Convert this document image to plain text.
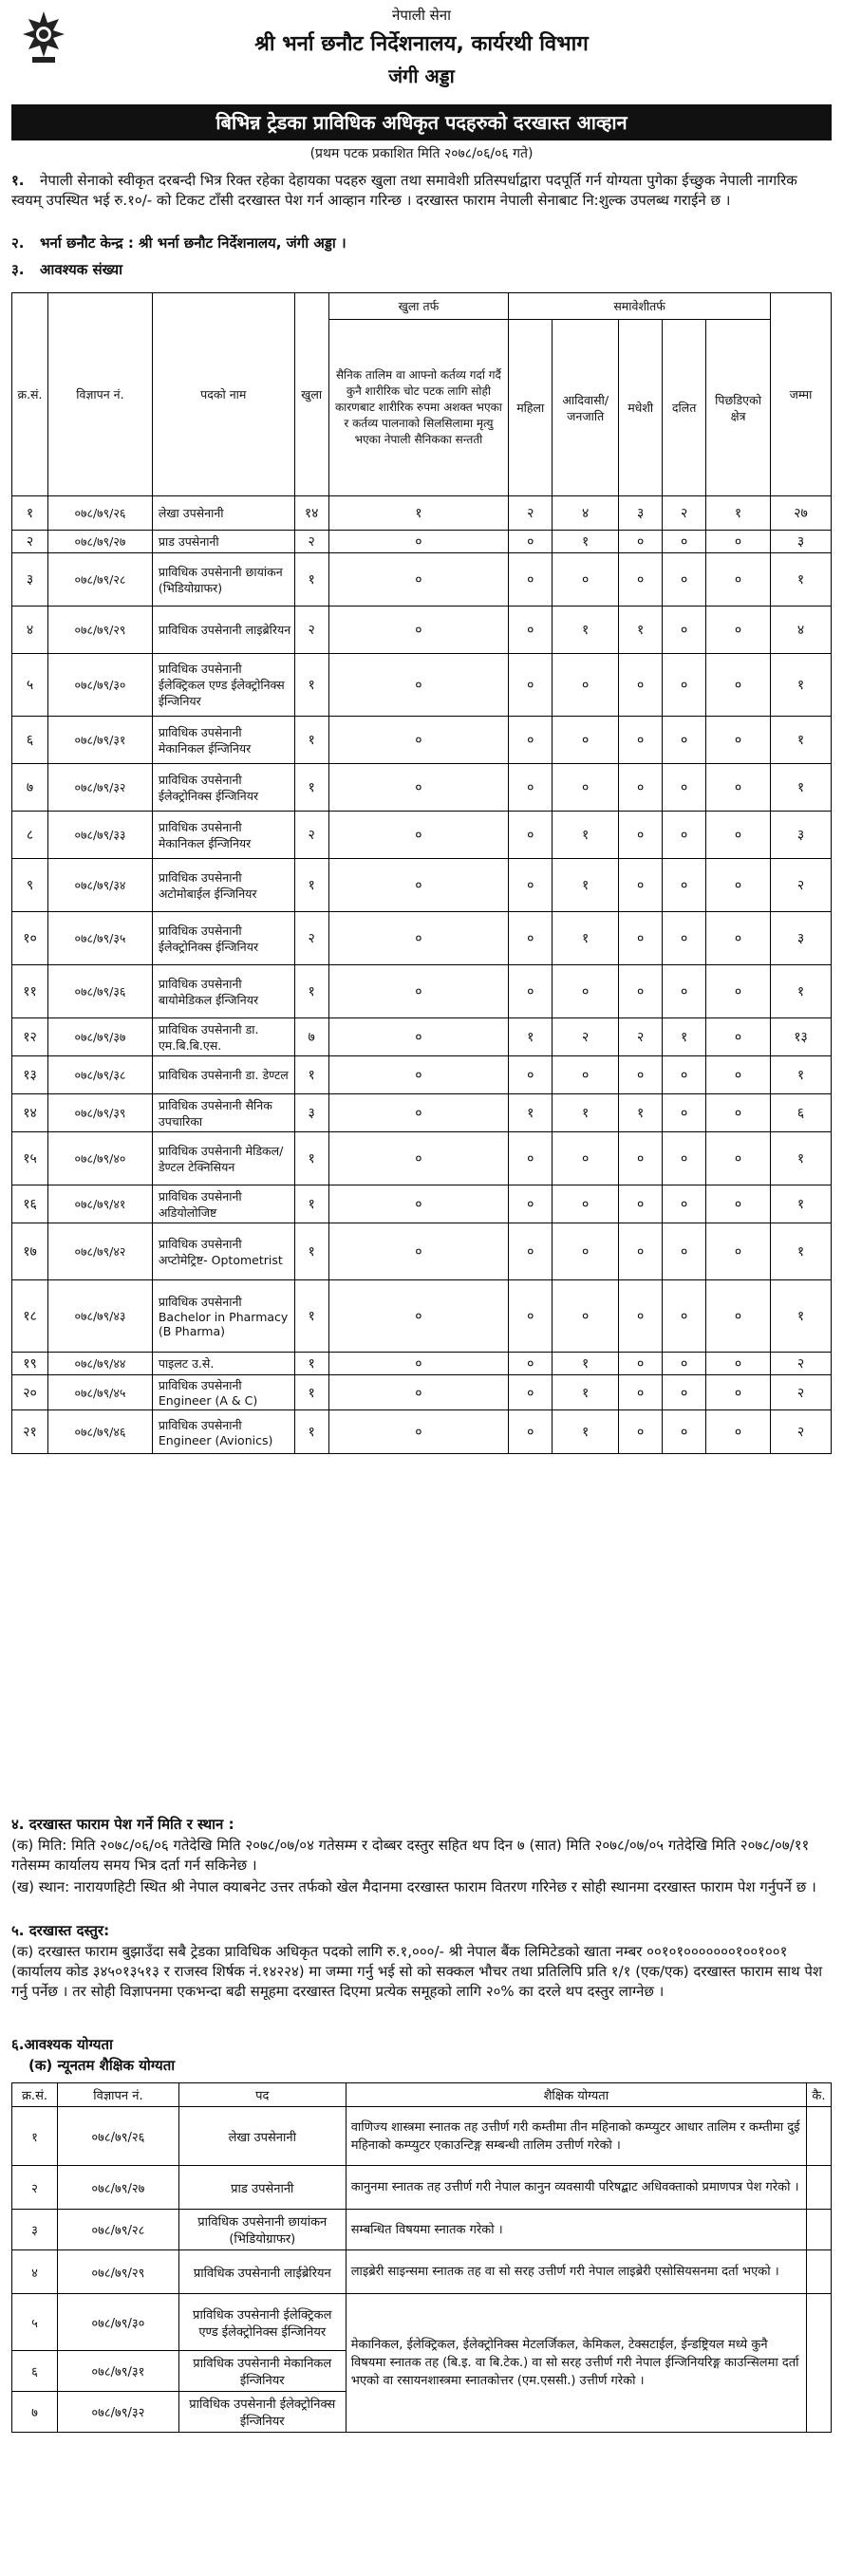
नेपाली सेना
श्री भर्ना छनौट निर्देशनालय, कार्यरथी विभाग
जंगी अड्डा
बिभिन्न ट्रेडका प्राविधिक अधिकृत पदहरुको दरखास्त आव्हान
(प्रथम पटक प्रकाशित मिति २०७८/०६/०६ गते)
१. नेपाली सेनाको स्वीकृत दरबन्दी भित्र रिक्त रहेका देहायका पदहरु खुला तथा समावेशी प्रतिस्पर्धाद्वारा पदपूर्ति गर्न योग्यता पुगेका ईच्छुक नेपाली नागरिक स्वयम् उपस्थित भई रु.१०/- को टिकट टाँसी दरखास्त पेश गर्न आव्हान गरिन्छ । दरखास्त फाराम नेपाली सेनाबाट नि:शुल्क उपलब्ध गराईने छ ।
२. भर्ना छनौट केन्द्र : श्री भर्ना छनौट निर्देशनालय, जंगी अड्डा ।
३. आवश्यक संख्या
क्र.सं.	विज्ञापन नं.	पदको नाम	खुला	खुला तर्फ	समावेशीतर्फ					जम्मा
				सैनिक तालिम वा आफ्नो कर्तव्य गर्दा गर्दै कुनै शारीरिक चोट पटक लागि सोही कारणबाट शारीरिक रुपमा अशक्त भएका र कर्तव्य पालनाको सिलसिलामा मृत्यु भएका नेपाली सैनिकका सन्तती	महिला	आदिवासी/ जनजाति	मधेशी	दलित	पिछडिएको क्षेत्र	
१	०७८/७९/२६	लेखा उपसेनानी	१४	१	२	४	३	२	१	२७
२	०७८/७९/२७	प्राड उपसेनानी	२	०	०	१	०	०	०	३
३	०७८/७९/२८	प्राविधिक उपसेनानी छायांकन (भिडियोग्राफर)	१	०	०	०	०	०	०	१
४	०७८/७९/२९	प्राविधिक उपसेनानी लाइब्रेरियन	२	०	०	१	१	०	०	४
५	०७८/७९/३०	प्राविधिक उपसेनानी ईलेक्ट्रिकल एण्ड ईलेक्ट्रोनिक्स ईन्जिनियर	१	०	०	०	०	०	०	१
६	०७८/७९/३१	प्राविधिक उपसेनानी मेकानिकल ईन्जिनियर	१	०	०	०	०	०	०	१
७	०७८/७९/३२	प्राविधिक उपसेनानी ईलेक्ट्रोनिक्स ईन्जिनियर	१	०	०	०	०	०	०	१
८	०७८/७९/३३	प्राविधिक उपसेनानी मेकानिकल ईन्जिनियर	२	०	०	१	०	०	०	३
९	०७८/७९/३४	प्राविधिक उपसेनानी अटोमोबाईल ईन्जिनियर	१	०	०	१	०	०	०	२
१०	०७८/७९/३५	प्राविधिक उपसेनानी ईलेक्ट्रोनिक्स ईन्जिनियर	२	०	०	१	०	०	०	३
११	०७८/७९/३६	प्राविधिक उपसेनानी बायोमेडिकल ईन्जिनियर	१	०	०	०	०	०	०	१
१२	०७८/७९/३७	प्राविधिक उपसेनानी डा. एम.बि.बि.एस.	७	०	१	२	२	१	०	१३
१३	०७८/७९/३८	प्राविधिक उपसेनानी डा. डेण्टल	१	०	०	०	०	०	०	१
१४	०७८/७९/३९	प्राविधिक उपसेनानी सैनिक उपचारिका	३	०	१	१	१	०	०	६
१५	०७८/७९/४०	प्राविधिक उपसेनानी मेडिकल/डेण्टल टेक्निसियन	१	०	०	०	०	०	०	१
१६	०७८/७९/४१	प्राविधिक उपसेनानी अडियोलोजिष्ट	१	०	०	०	०	०	०	१
१७	०७८/७९/४२	प्राविधिक उपसेनानी अप्टोमेट्रिष्ट- Optometrist	१	०	०	०	०	०	०	१
१८	०७८/७९/४३	प्राविधिक उपसेनानी Bachelor in Pharmacy (B Pharma)	१	०	०	०	०	०	०	१
१९	०७८/७९/४४	पाइलट उ.से.	१	०	०	१	०	०	०	२
२०	०७८/७९/४५	प्राविधिक उपसेनानी Engineer (A & C)	१	०	०	१	०	०	०	२
२१	०७८/७९/४६	प्राविधिक उपसेनानी Engineer (Avionics)	१	०	०	१	०	०	०	२
४. दरखास्त फाराम पेश गर्ने मिति र स्थान :
(क) मिति: मिति २०७८/०६/०६ गतेदेखि मिति २०७८/०७/०४ गतेसम्म र दोब्बर दस्तुर सहित थप दिन ७ (सात) मिति २०७८/०७/०५ गतेदेखि मिति २०७८/०७/११ गतेसम्म कार्यालय समय भित्र दर्ता गर्न सकिनेछ ।
(ख) स्थान: नारायणहिटी स्थित श्री नेपाल क्याबनेट उत्तर तर्फको खेल मैदानमा दरखास्त फाराम वितरण गरिनेछ र सोही स्थानमा दरखास्त फाराम पेश गर्नुपर्ने छ ।
५. दरखास्त दस्तुर:
(क) दरखास्त फाराम बुझाउँदा सबै ट्रेडका प्राविधिक अधिकृत पदको लागि रु.१,०००/- श्री नेपाल बैंक लिमिटेडको खाता नम्बर ००१०१०००००००१००१००१ (कार्यालय कोड ३४५०१३५१३ र राजस्व शिर्षक नं.१४२२४) मा जम्मा गर्नु भई सो को सक्कल भौचर तथा प्रतिलिपि प्रति १/१ (एक/एक) दरखास्त फाराम साथ पेश गर्नु पर्नेछ । तर सोही विज्ञापनमा एकभन्दा बढी समूहमा दरखास्त दिएमा प्रत्येक समूहको लागि २०% का दरले थप दस्तुर लाग्नेछ ।
६.आवश्यक योग्यता
(क) न्यूनतम शैक्षिक योग्यता
क्र.सं.	विज्ञापन नं.	पद	शैक्षिक योग्यता	कै.
१	०७८/७९/२६	लेखा उपसेनानी	वाणिज्य शास्त्रमा स्नातक तह उत्तीर्ण गरी कम्तीमा तीन महिनाको कम्प्युटर आधार तालिम र कम्तीमा दुई महिनाको कम्प्युटर एकाउन्टिङ्ग सम्बन्धी तालिम उत्तीर्ण गरेको ।	
२	०७८/७९/२७	प्राड उपसेनानी	कानुनमा स्नातक तह उत्तीर्ण गरी नेपाल कानुन व्यवसायी परिषद्बाट अधिवक्ताको प्रमाणपत्र पेश गरेको ।	
३	०७८/७९/२८	प्राविधिक उपसेनानी छायांकन (भिडियोग्राफर)	सम्बन्धित विषयमा स्नातक गरेको ।	
४	०७८/७९/२९	प्राविधिक उपसेनानी लाईब्रेरियन	लाइब्रेरी साइन्समा स्नातक तह वा सो सरह उत्तीर्ण गरी नेपाल लाइब्रेरी एसोसियसनमा दर्ता भएको ।	
५	०७८/७९/३०	प्राविधिक उपसेनानी ईलेक्ट्रिकल एण्ड ईलेक्ट्रोनिक्स ईन्जिनियर	मेकानिकल, ईलेक्ट्रिकल, ईलेक्ट्रोनिक्स मेटलर्जिकल, केमिकल, टेक्सटाईल, ईन्डष्ट्रियल मध्ये कुनै विषयमा स्नातक तह (बि.इ. वा बि.टेक.) वा सो सरह उत्तीर्ण गरी नेपाल ईन्जिनियरिङ्ग काउन्सिलमा दर्ता भएको वा रसायनशास्त्रमा स्नातकोत्तर (एम.एससी.) उत्तीर्ण गरेको ।	
६	०७८/७९/३१	प्राविधिक उपसेनानी मेकानिकल ईन्जिनियर		
७	०७८/७९/३२	प्राविधिक उपसेनानी ईलेक्ट्रोनिक्स ईन्जिनियर		
